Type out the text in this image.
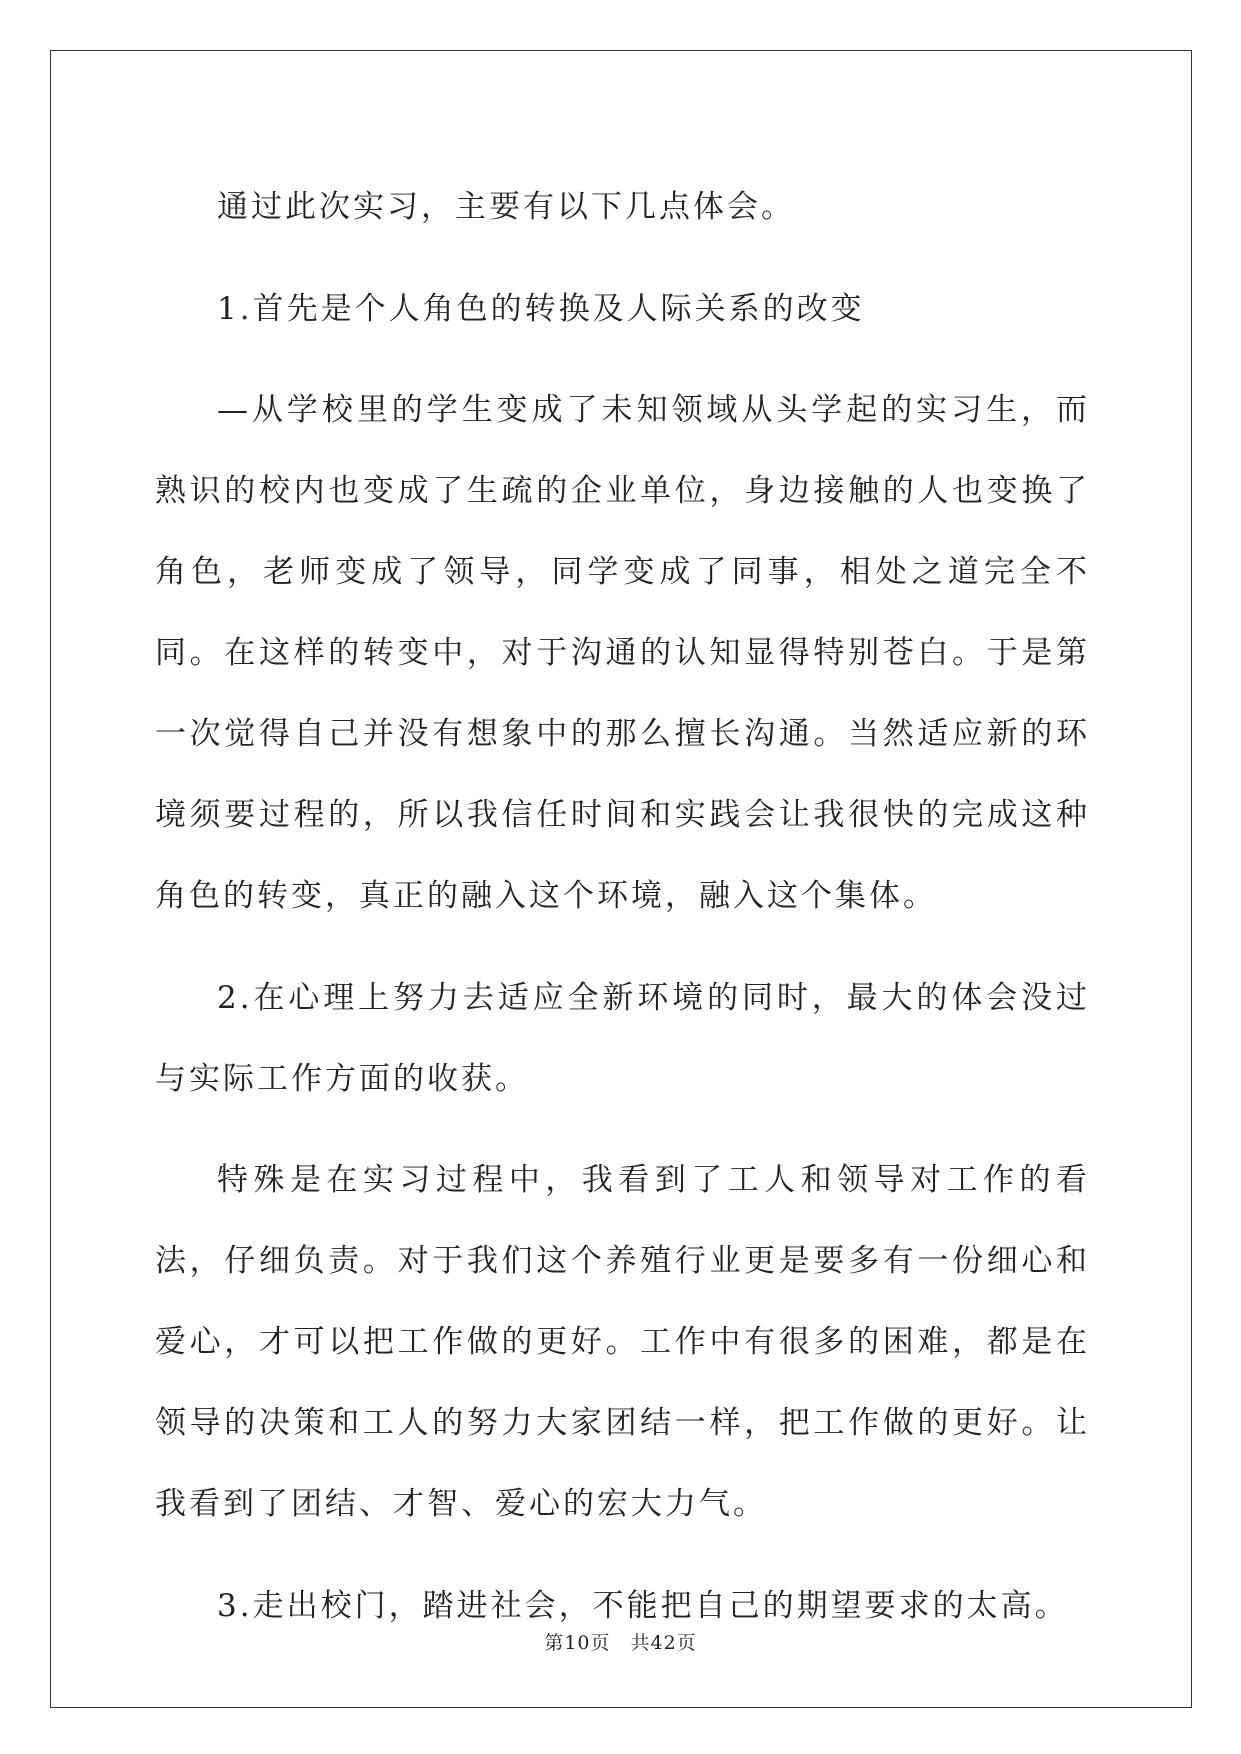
通过此次实习，主要有以下几点体会。

1.首先是个人角色的转换及人际关系的改变

—从学校里的学生变成了未知领域从头学起的实习生，而熟识的校内也变成了生疏的企业单位，身边接触的人也变换了角色，老师变成了领导，同学变成了同事，相处之道完全不同。在这样的转变中，对于沟通的认知显得特别苍白。于是第一次觉得自己并没有想象中的那么擅长沟通。当然适应新的环境须要过程的，所以我信任时间和实践会让我很快的完成这种角色的转变，真正的融入这个环境，融入这个集体。

2.在心理上努力去适应全新环境的同时，最大的体会没过与实际工作方面的收获。

特殊是在实习过程中，我看到了工人和领导对工作的看法，仔细负责。对于我们这个养殖行业更是要多有一份细心和爱心，才可以把工作做的更好。工作中有很多的困难，都是在领导的决策和工人的努力大家团结一样，把工作做的更好。让我看到了团结、才智、爱心的宏大力气。

3.走出校门，踏进社会，不能把自己的期望要求的太高。

第10页　共42页
